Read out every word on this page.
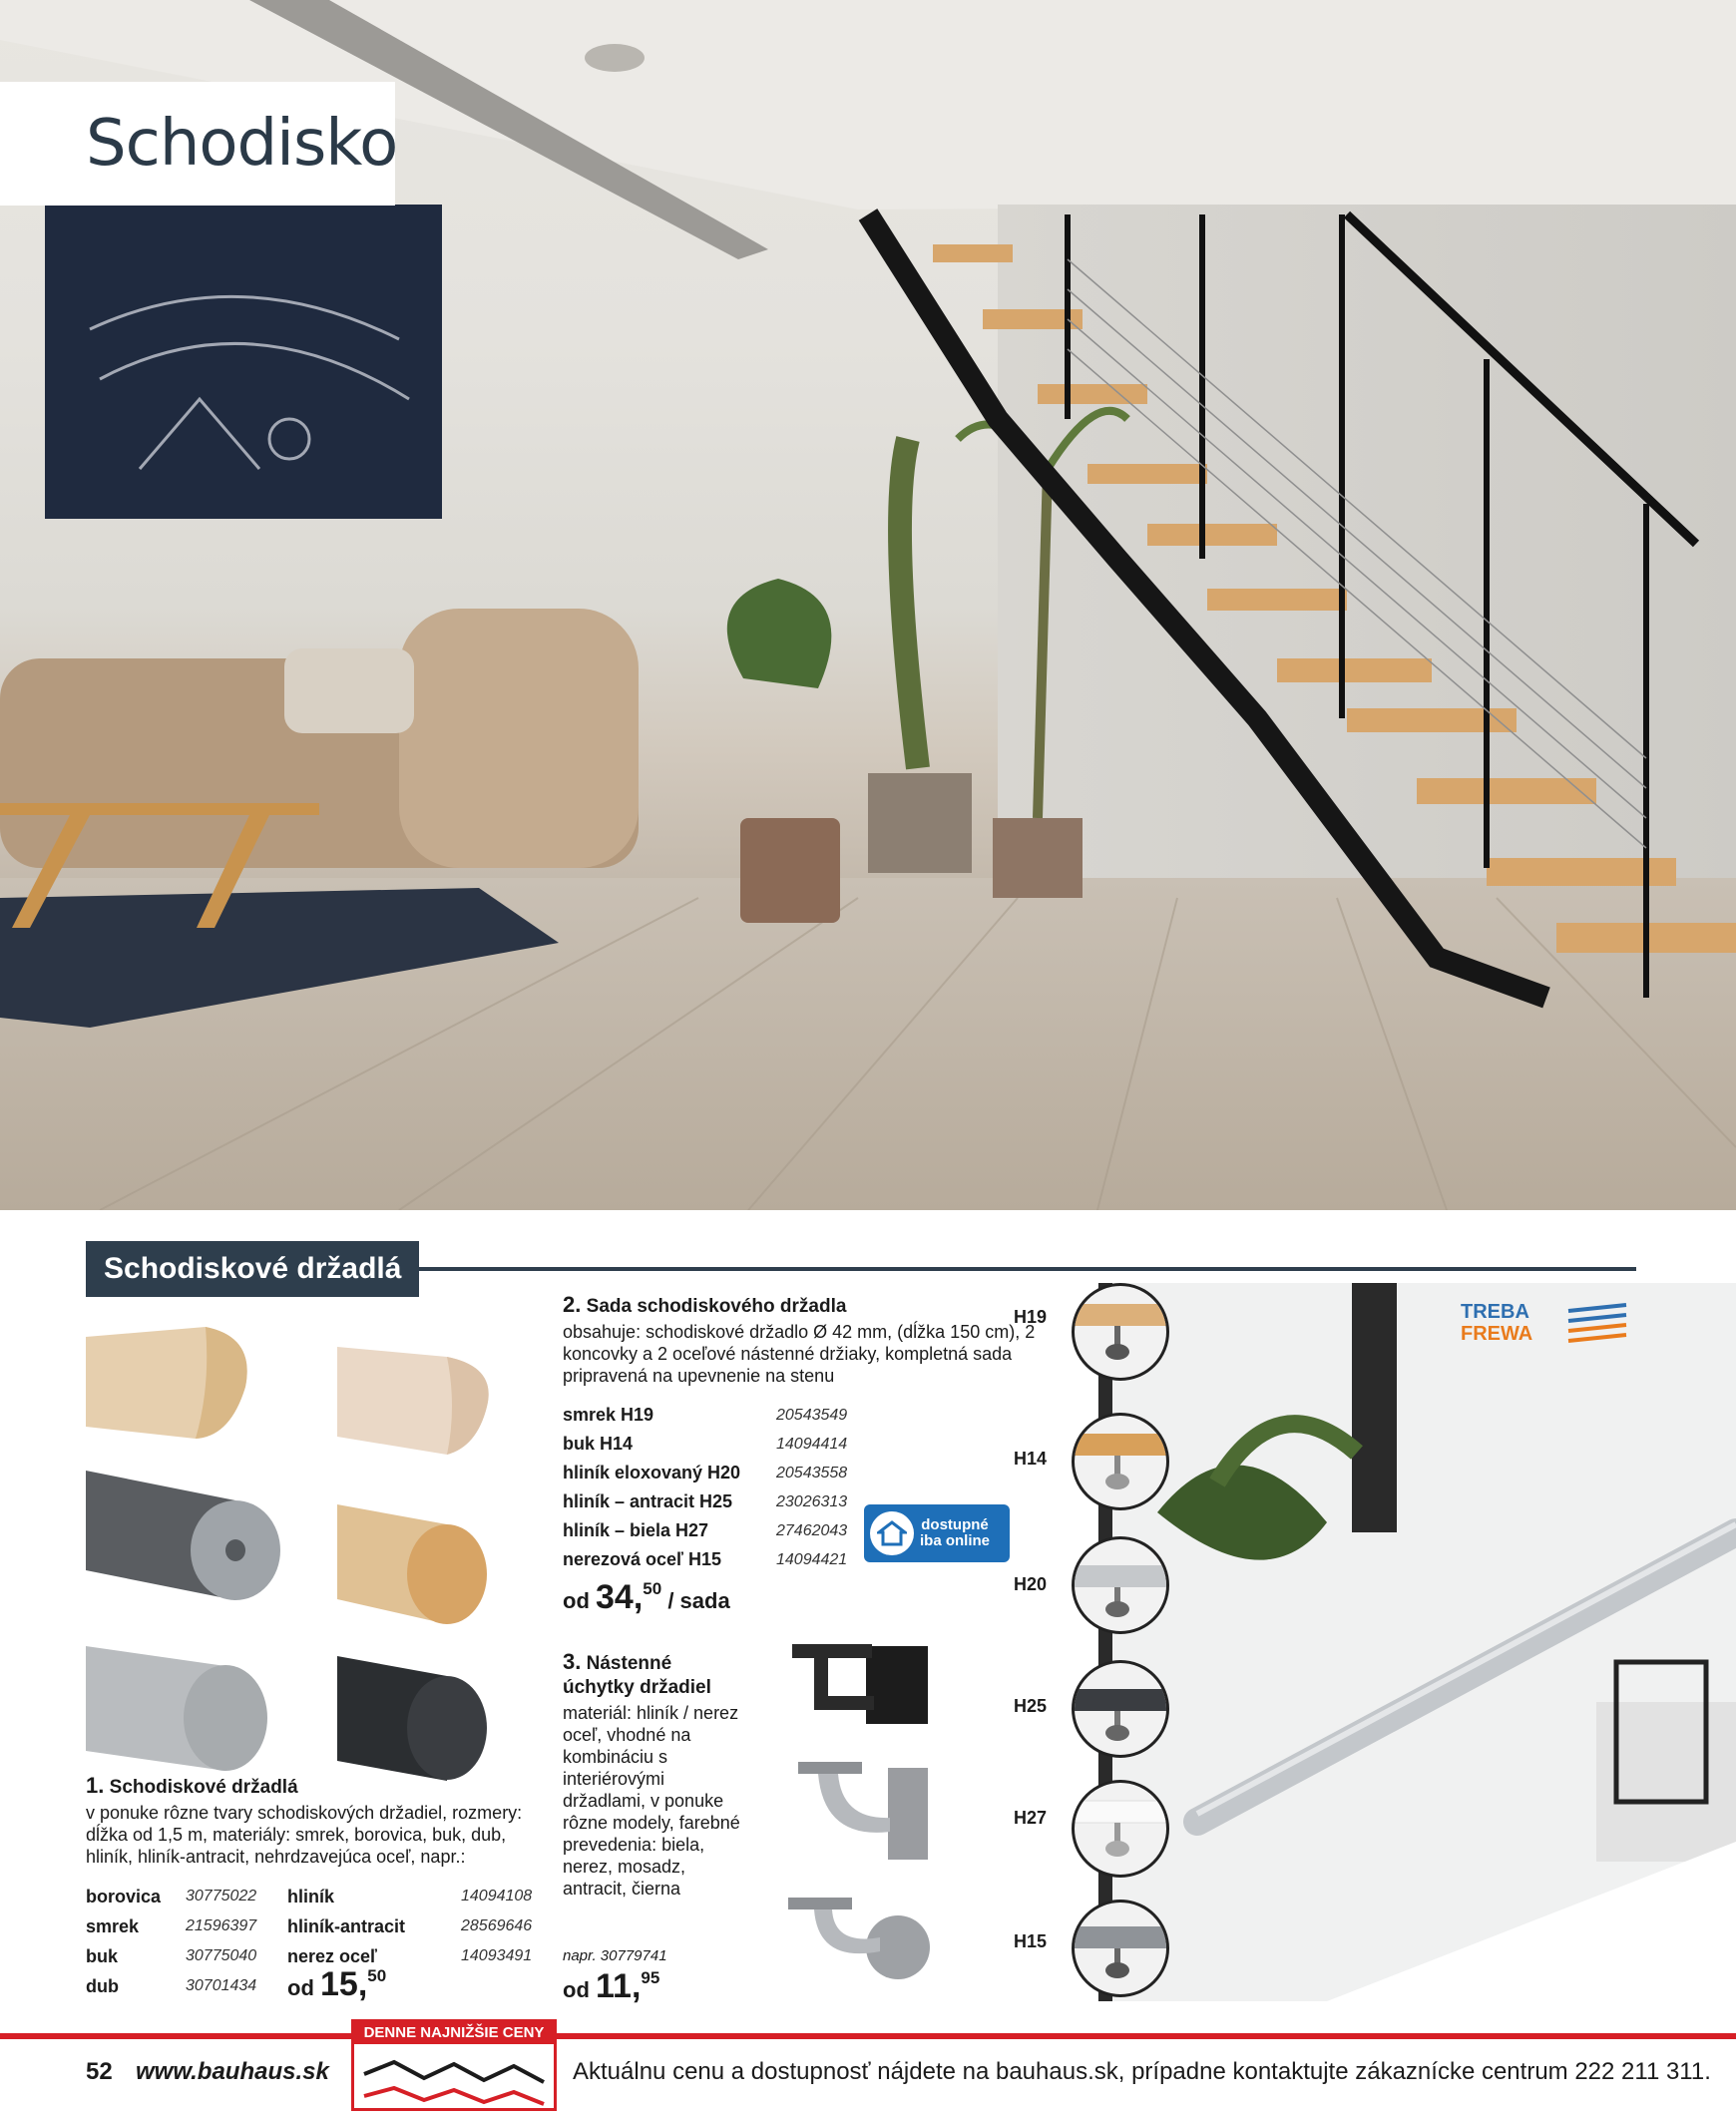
Schodisko
Schodiskové držadlá
1. Schodiskové držadlá
v ponuke rôzne tvary schodiskových držadiel, rozmery: dĺžka od 1,5 m, materiály: smrek, borovica, buk, dub, hliník, hliník-antracit, nehrdzavejúca oceľ, napr.:
borovica	30775022
smrek	21596397
buk	30775040
dub	30701434
hliník	14094108
hliník-antracit	28569646
nerez oceľ	14093491
od 15,50
2. Sada schodiskového držadla
obsahuje: schodiskové držadlo Ø 42 mm, (dĺžka 150 cm), 2 koncovky a 2 oceľové nástenné držiaky, kompletná sada pripravená na upevnenie na stenu
smrek H19	20543549
buk H14	14094414
hliník eloxovaný H20	20543558
hliník – antracit H25	23026313
hliník – biela H27	27462043
nerezová oceľ H15	14094421
od 34,50 / sada
dostupné
iba online
3. Nástenné
úchytky držadiel
materiál: hliník / nerez oceľ, vhodné na kombináciu s interiérovými držadlami, v ponuke rôzne modely, farebné prevedenia: biela, nerez, mosadz, antracit, čierna
napr. 30779741
od 11,95
TREBA
FREWA
H19
H14
H20
H25
H27
H15
52 www.bauhaus.sk
DENNE NAJNIŽŠIE CENY
Aktuálnu cenu a dostupnosť nájdete na bauhaus.sk, prípadne kontaktujte zákaznícke centrum 222 211 311.
